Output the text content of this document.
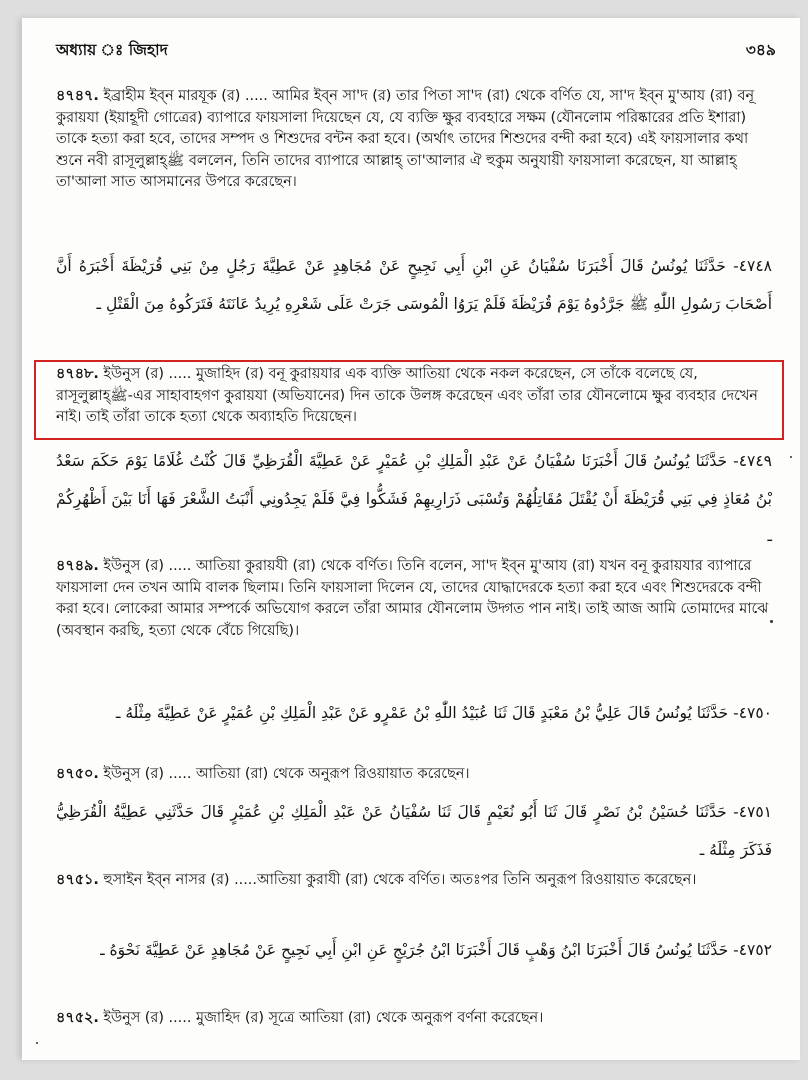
অধ্যায় ঃ জিহাদ	৩৪৯
৪৭৪৭. ইব্রাহীম ইব্‌ন মারযূক (র) ..... আমির ইব্‌ন সা'দ (র) তার পিতা সা'দ (রা) থেকে বর্ণিত যে, সা'দ ইব্‌ন মু'আয (রা) বনূ কুরায়যা (ইয়াহূদী গোত্রের) ব্যাপারে ফায়সালা দিয়েছেন যে, যে ব্যক্তি ক্ষুর ব্যবহারে সক্ষম (যৌনলোম পরিষ্কারের প্রতি ইশারা) তাকে হত্যা করা হবে, তাদের সম্পদ ও শিশুদের বন্টন করা হবে। (অর্থাৎ তাদের শিশুদের বন্দী করা হবে) এই ফায়সালার কথা শুনে নবী রাসূলুল্লাহ্‌ﷺ বললেন, তিনি তাদের ব্যাপারে আল্লাহ্‌ তা'আলার ঐ হুকুম অনুযায়ী ফায়সালা করেছেন, যা আল্লাহ্‌ তা'আলা সাত আসমানের উপরে করেছেন।
٤٧٤٨- حَدَّثَنَا يُونُسُ قَالَ أَخْبَرَنَا سُفْيَانُ عَنِ ابْنِ أَبِي نَجِيحٍ عَنْ مُجَاهِدٍ عَنْ عَطِيَّةَ رَجُلٍ مِنْ بَنِي قُرَيْظَةَ أَخْبَرَهُ أَنَّ أَصْحَابَ رَسُولِ اللّٰهِ ﷺ جَرَّدُوهُ يَوْمَ قُرَيْظَةَ فَلَمْ يَرَوُا الْمُوسَى جَرَتْ عَلَى شَعْرِهِ يُرِيدُ عَانَتَهُ فَتَرَكُوهُ مِنَ الْقَتْلِ ـ
৪৭৪৮. ইউনুস (র) ..... মুজাহিদ (র) বনূ কুরায়যার এক ব্যক্তি আতিয়া থেকে নকল করেছেন, সে তাঁকে বলেছে যে, রাসূলুল্লাহ্‌ﷺ-এর সাহাবাহগণ কুরায়যা (অভিযানের) দিন তাকে উলঙ্গ করেছেন এবং তাঁরা তার যৌনলোমে ক্ষুর ব্যবহার দেখেন নাই। তাই তাঁরা তাকে হত্যা থেকে অব্যাহতি দিয়েছেন।
٤٧٤٩- حَدَّثَنَا يُونُسُ قَالَ أَخْبَرَنَا سُفْيَانُ عَنْ عَبْدِ الْمَلِكِ بْنِ عُمَيْرٍ عَنْ عَطِيَّةَ الْقُرَظِيِّ قَالَ كُنْتُ غُلَامًا يَوْمَ حَكَمَ سَعْدُ بْنُ مُعَاذٍ فِي بَنِي قُرَيْظَةَ أَنْ يُقْتَلَ مُقَاتِلُهُمْ وَتُسْبَى ذَرَارِيهِمْ فَشَكُّوا فِيَّ فَلَمْ يَجِدُونِي أَنْبَتُ الشَّعْرَ فَهَا أَنَا بَيْنَ أَظْهُرِكُمْ ـ
৪৭৪৯. ইউনুস (র) ..... আতিয়া কুরায়যী (রা) থেকে বর্ণিত। তিনি বলেন, সা'দ ইব্‌ন মু'আয (রা) যখন বনূ কুরায়যার ব্যাপারে ফায়সালা দেন তখন আমি বালক ছিলাম। তিনি ফায়সালা দিলেন যে, তাদের যোদ্ধাদেরকে হত্যা করা হবে এবং শিশুদেরকে বন্দী করা হবে। লোকেরা আমার সম্পর্কে অভিযোগ করলে তাঁরা আমার যৌনলোম উদ্গত পান নাই। তাই আজ আমি তোমাদের মাঝে (অবস্থান করছি, হত্যা থেকে বেঁচে গিয়েছি)।
٤٧٥٠- حَدَّثَنَا يُونُسُ قَالَ عَلِيُّ بْنُ مَعْبَدٍ قَالَ ثَنَا عُبَيْدُ اللّٰهِ بْنُ عَمْرٍو عَنْ عَبْدِ الْمَلِكِ بْنِ عُمَيْرٍ عَنْ عَطِيَّةَ مِثْلَهُ ـ
৪৭৫০. ইউনুস (র) ..... আতিয়া (রা) থেকে অনুরূপ রিওয়ায়াত করেছেন।
٤٧٥١- حَدَّثَنَا حُسَيْنُ بْنُ نَصْرٍ قَالَ ثَنَا أَبُو نُعَيْمٍ قَالَ ثَنَا سُفْيَانُ عَنْ عَبْدِ الْمَلِكِ بْنِ عُمَيْرٍ قَالَ حَدَّثَنِي عَطِيَّةُ الْقُرَظِيُّ فَذَكَرَ مِثْلَهُ ـ
৪৭৫১. হুসাইন ইব্‌ন নাসর (র) .....আতিয়া কুরাযী (রা) থেকে বর্ণিত। অতঃপর তিনি অনুরূপ রিওয়ায়াত করেছেন।
٤٧٥٢- حَدَّثَنَا يُونُسُ قَالَ أَخْبَرَنَا ابْنُ وَهْبٍ قَالَ أَخْبَرَنَا ابْنُ جُرَيْجٍ عَنِ ابْنِ أَبِي نَجِيحٍ عَنْ مُجَاهِدٍ عَنْ عَطِيَّةَ نَحْوَهُ ـ
৪৭৫২. ইউনুস (র) ..... মুজাহিদ (র) সূত্রে আতিয়া (রা) থেকে অনুরূপ বর্ণনা করেছেন।
